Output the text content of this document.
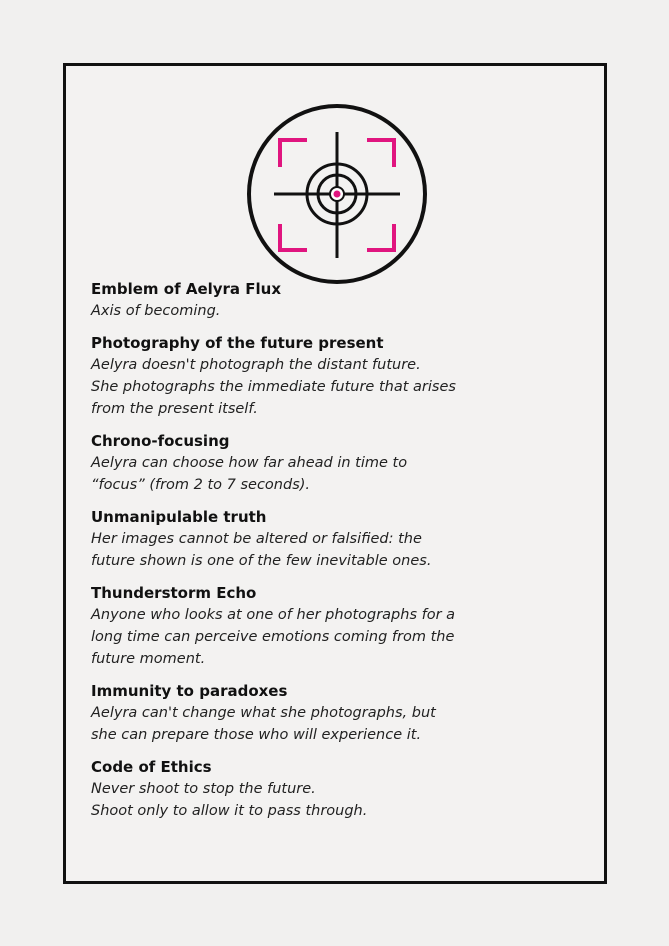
Emblem of Aelyra Flux
Axis of becoming.
Photography of the future present
Aelyra doesn't photograph the distant future.
She photographs the immediate future that arises
from the present itself.
Chrono-focusing
Aelyra can choose how far ahead in time to
“focus” (from 2 to 7 seconds).
Unmanipulable truth
Her images cannot be altered or falsified: the
future shown is one of the few inevitable ones.
Thunderstorm Echo
Anyone who looks at one of her photographs for a
long time can perceive emotions coming from the
future moment.
Immunity to paradoxes
Aelyra can't change what she photographs, but
she can prepare those who will experience it.
Code of Ethics
Never shoot to stop the future.
Shoot only to allow it to pass through.
